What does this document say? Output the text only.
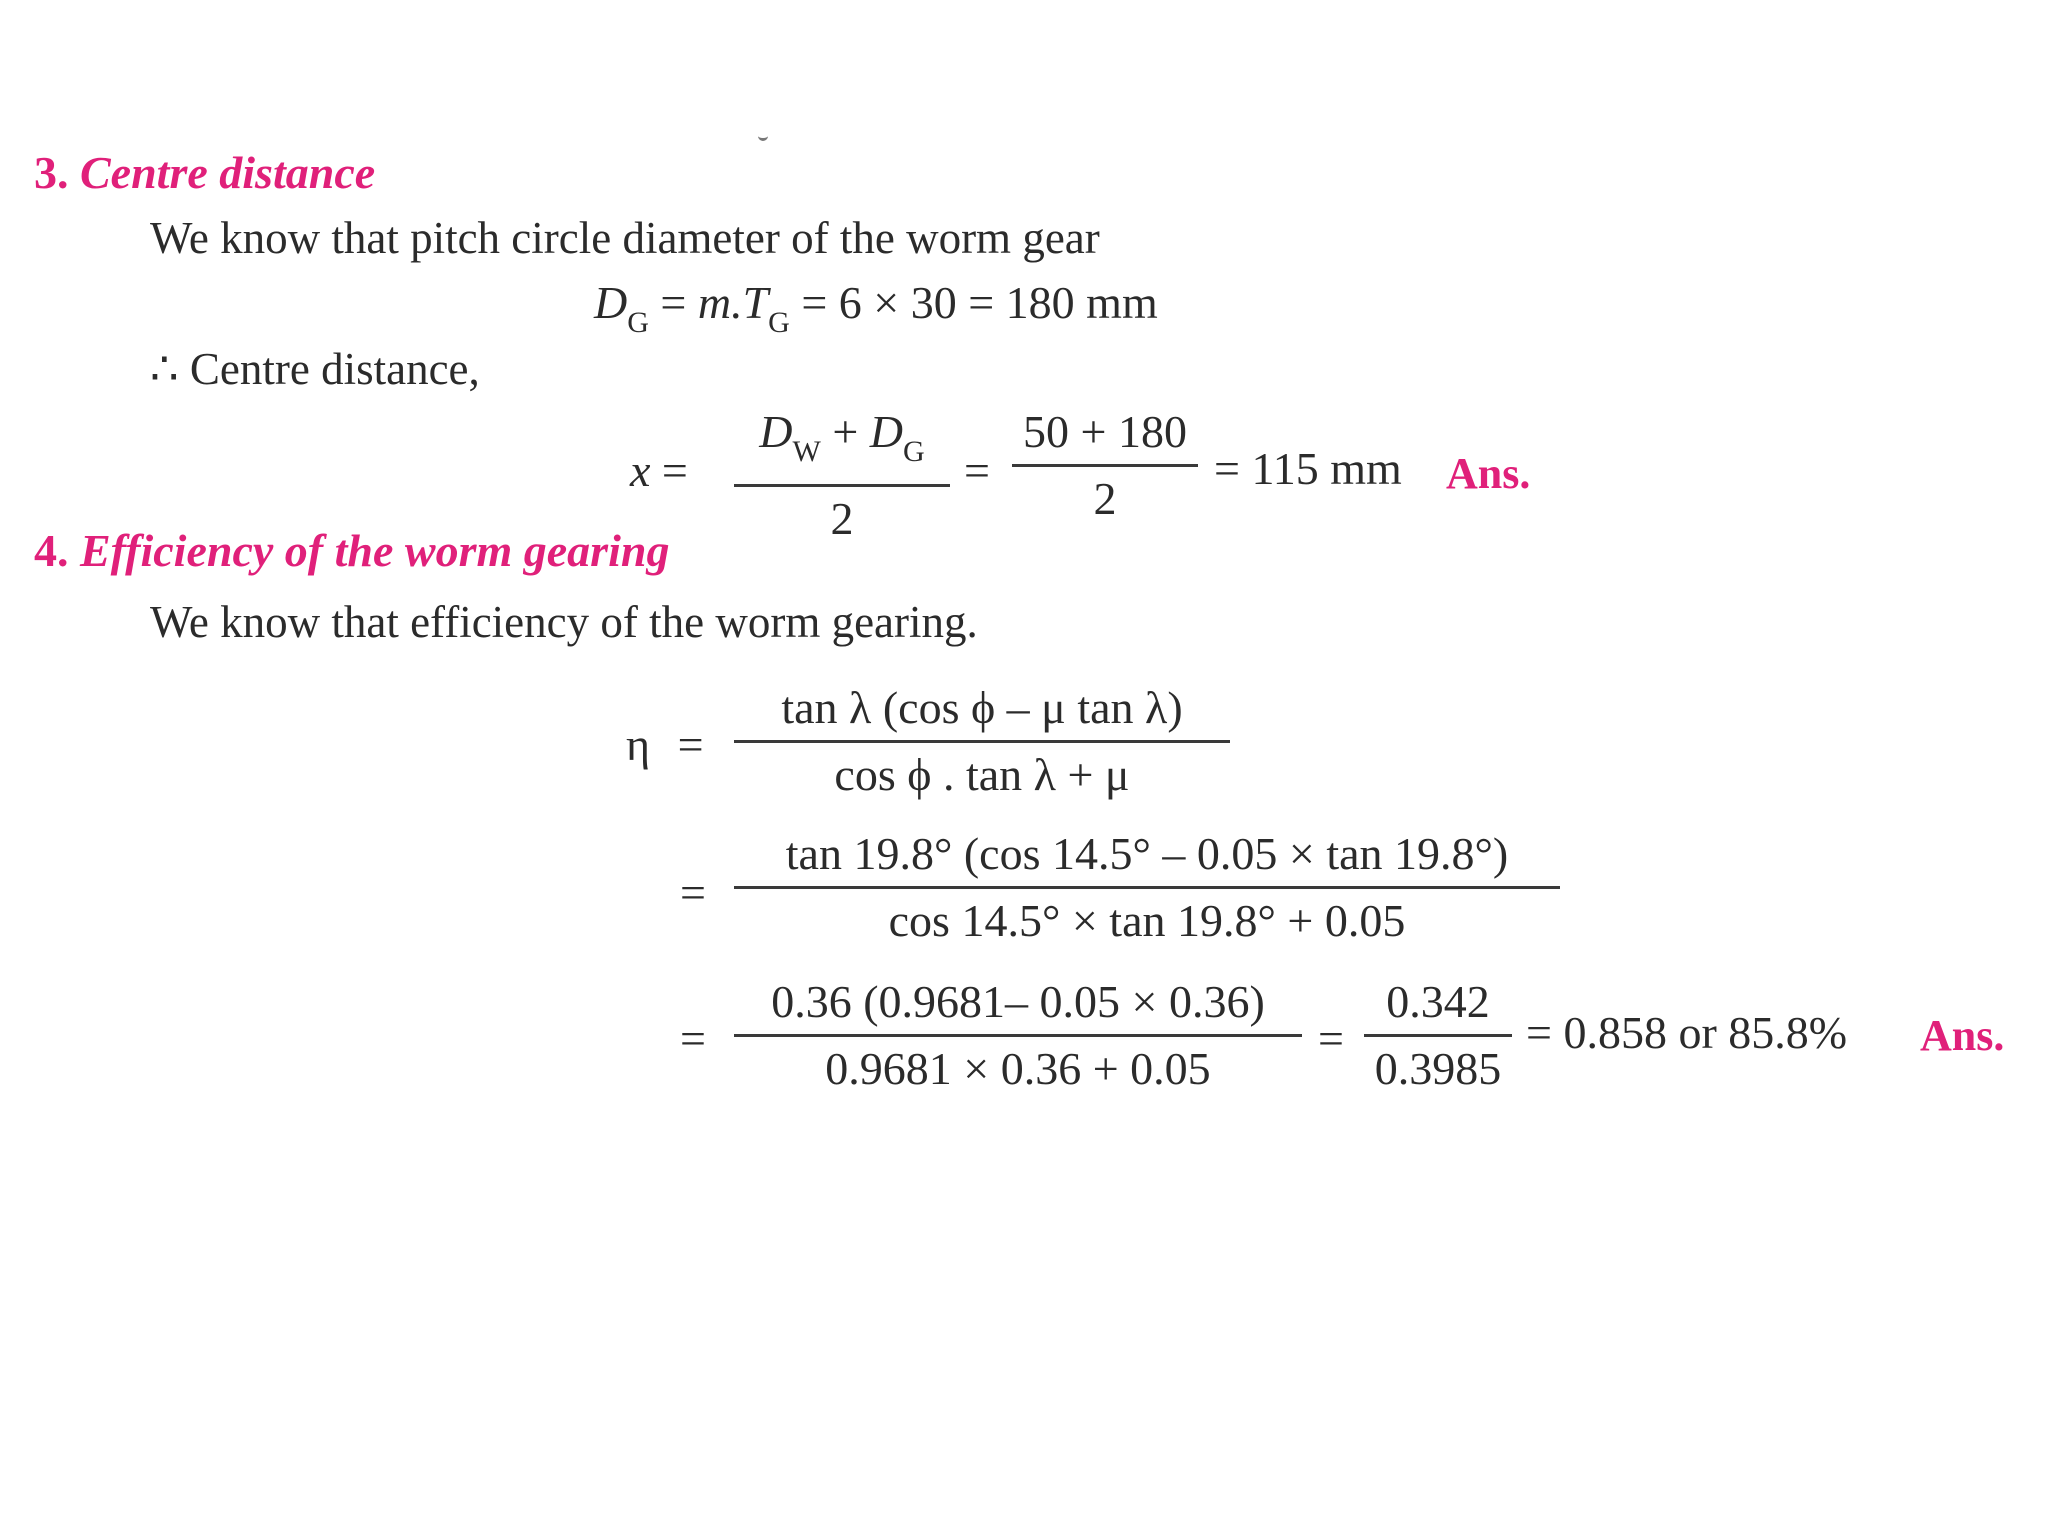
3. Centre distance
We know that pitch circle diameter of the worm gear
$D_G = m.T_G = 6 \times 30 = 180$ mm
∴ Centre distance,
x =
$D_W + D_G$
2
=
50 + 180
2
= 115 mm Ans.
4. Efficiency of the worm gearing
We know that efficiency of the worm gearing.
η =
tan λ (cos ϕ – μ tan λ)
cos ϕ . tan λ + μ
=
tan 19.8° (cos 14.5° – 0.05 × tan 19.8°)
cos 14.5° × tan 19.8° + 0.05
=
0.36 (0.9681– 0.05 × 0.36)
0.9681 × 0.36 + 0.05
=
0.342
0.3985
= 0.858 or 85.8% Ans.
